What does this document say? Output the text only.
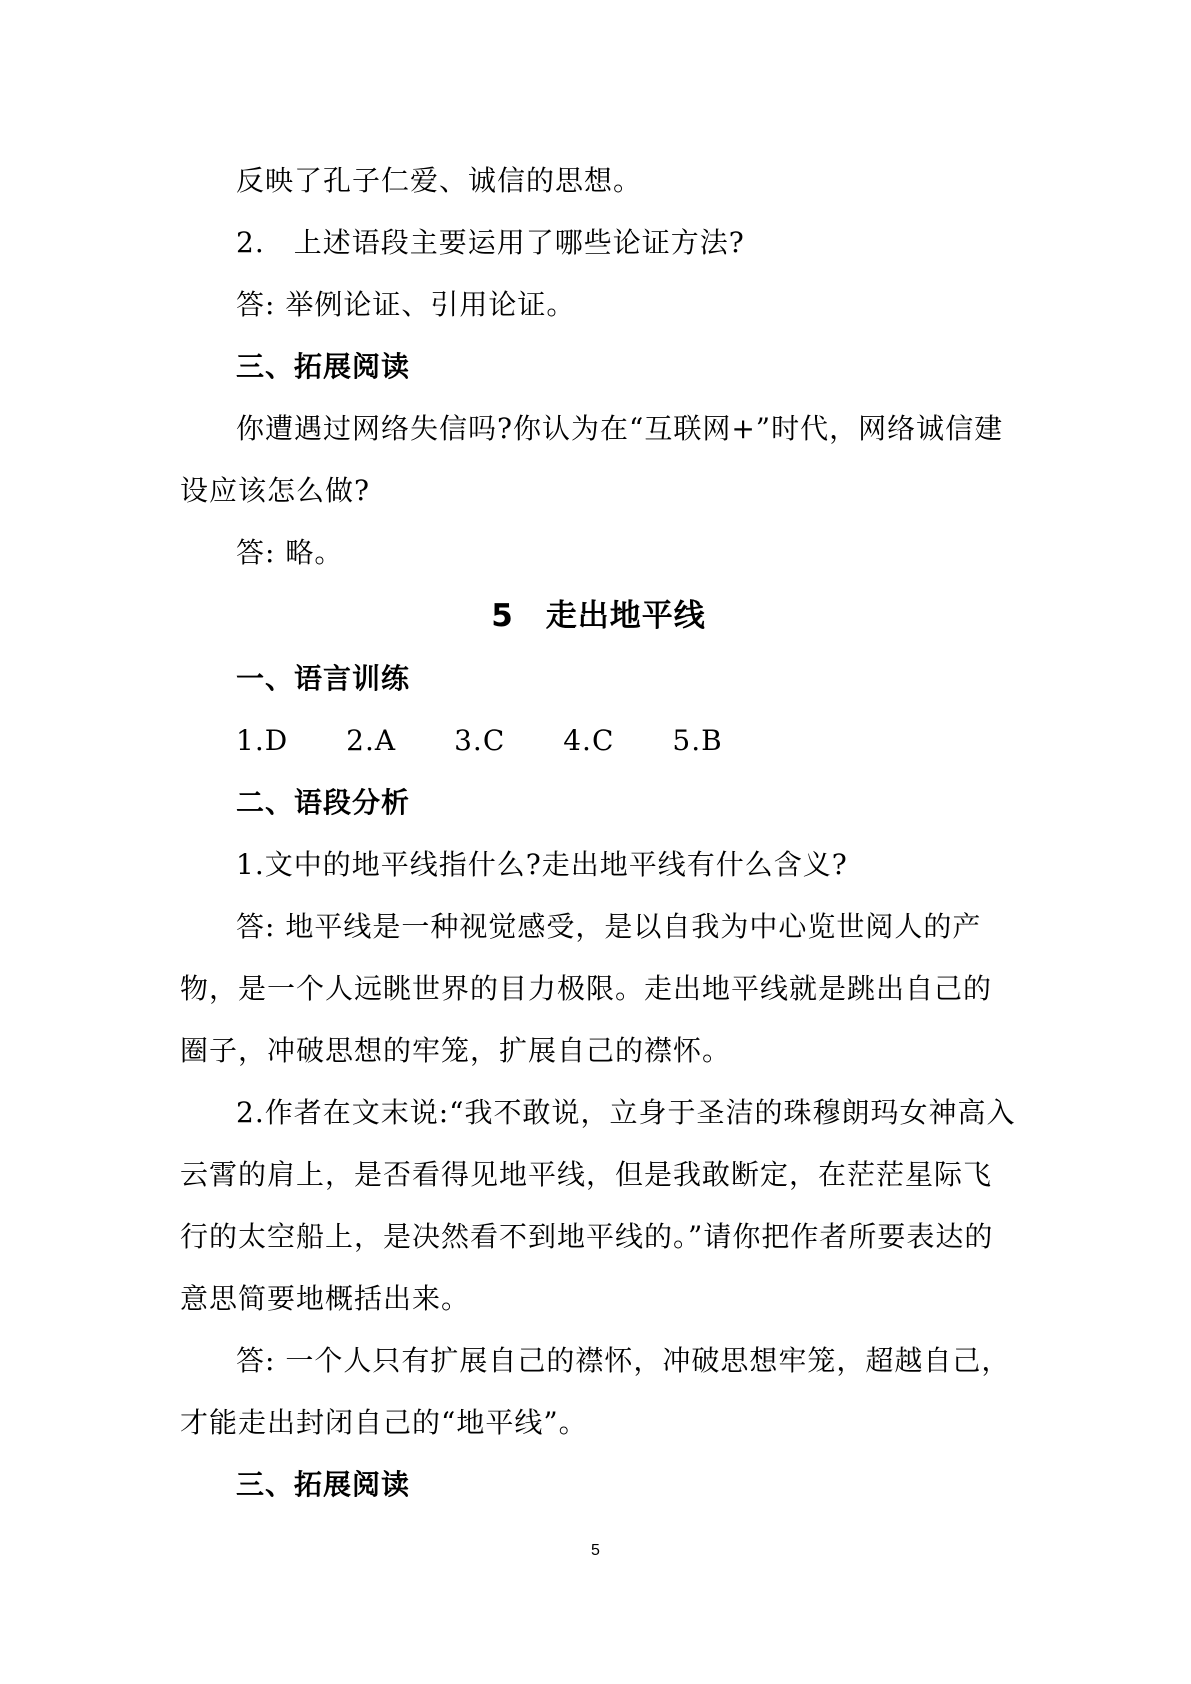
反映了孔子仁爱、诚信的思想。

2.　上述语段主要运用了哪些论证方法?

答: 举例论证、引用论证。

三、拓展阅读

你遭遇过网络失信吗?你认为在“互联网+”时代，网络诚信建设应该怎么做?

答: 略。

5　走出地平线

一、语言训练

1.D　　2.A　　3.C　　4.C　　5.B

二、语段分析

1.文中的地平线指什么?走出地平线有什么含义?

答: 地平线是一种视觉感受，是以自我为中心览世阅人的产物，是一个人远眺世界的目力极限。走出地平线就是跳出自己的圈子，冲破思想的牢笼，扩展自己的襟怀。

2.作者在文末说:“我不敢说，立身于圣洁的珠穆朗玛女神高入云霄的肩上，是否看得见地平线，但是我敢断定，在茫茫星际飞行的太空船上，是决然看不到地平线的。”请你把作者所要表达的意思简要地概括出来。

答: 一个人只有扩展自己的襟怀，冲破思想牢笼，超越自己，才能走出封闭自己的“地平线”。

三、拓展阅读

5
